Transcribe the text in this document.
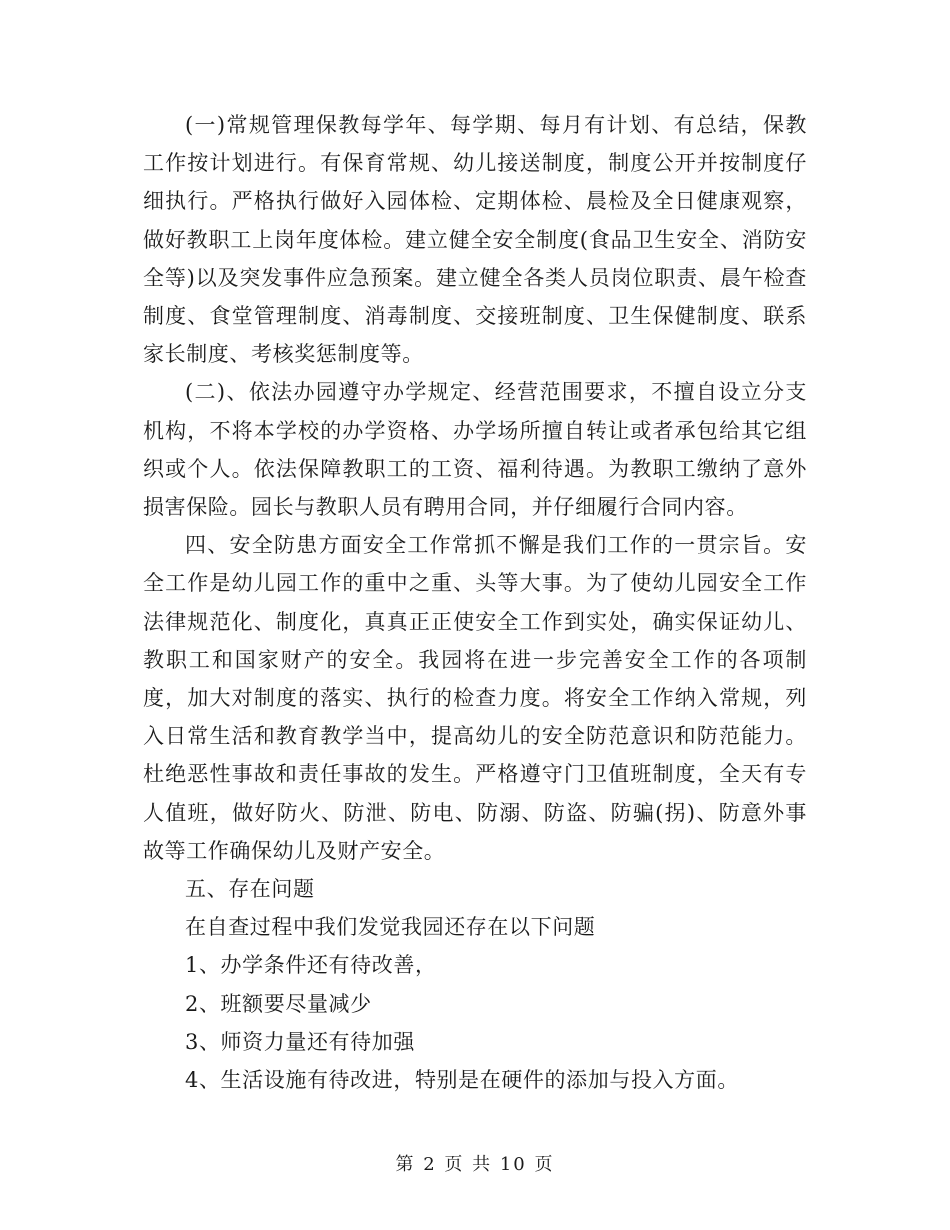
(一)常规管理保教每学年、每学期、每月有计划、有总结，保教工作按计划进行。有保育常规、幼儿接送制度，制度公开并按制度仔细执行。严格执行做好入园体检、定期体检、晨检及全日健康观察，做好教职工上岗年度体检。建立健全安全制度(食品卫生安全、消防安全等)以及突发事件应急预案。建立健全各类人员岗位职责、晨午检查制度、食堂管理制度、消毒制度、交接班制度、卫生保健制度、联系家长制度、考核奖惩制度等。

(二)、依法办园遵守办学规定、经营范围要求，不擅自设立分支机构，不将本学校的办学资格、办学场所擅自转让或者承包给其它组织或个人。依法保障教职工的工资、福利待遇。为教职工缴纳了意外损害保险。园长与教职人员有聘用合同，并仔细履行合同内容。

四、安全防患方面安全工作常抓不懈是我们工作的一贯宗旨。安全工作是幼儿园工作的重中之重、头等大事。为了使幼儿园安全工作法律规范化、制度化，真真正正使安全工作到实处，确实保证幼儿、教职工和国家财产的安全。我园将在进一步完善安全工作的各项制度，加大对制度的落实、执行的检查力度。将安全工作纳入常规，列入日常生活和教育教学当中，提高幼儿的安全防范意识和防范能力。杜绝恶性事故和责任事故的发生。严格遵守门卫值班制度，全天有专人值班，做好防火、防泄、防电、防溺、防盗、防骗(拐)、防意外事故等工作确保幼儿及财产安全。

五、存在问题

在自查过程中我们发觉我园还存在以下问题

1、办学条件还有待改善，

2、班额要尽量减少

3、师资力量还有待加强

4、生活设施有待改进，特别是在硬件的添加与投入方面。

第 2 页 共 10 页
